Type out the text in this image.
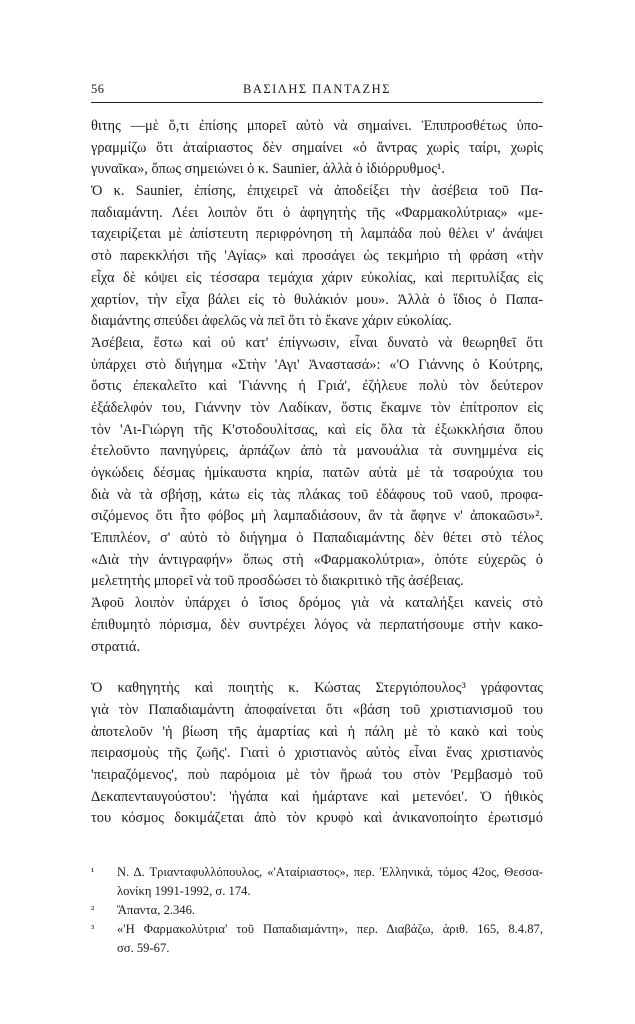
56	ΒΑΣΙΛΗΣ ΠΑΝΤΑΖΗΣ
θιτης —μὲ ὅ,τι ἐπίσης μπορεῖ αὐτὸ νὰ σημαίνει. Ἐπιπροσθέτως ὑπο-
γραμμίζω ὅτι ἀταίριαστος δὲν σημαίνει «ὁ ἄντρας χωρὶς ταίρι, χωρὶς
γυναῖκα», ὅπως σημειώνει ὁ κ. Saunier, ἀλλὰ ὁ ἰδιόρρυθμος¹.
Ὁ κ. Saunier, ἐπίσης, ἐπιχειρεῖ νὰ ἀποδείξει τὴν ἀσέβεια τοῦ Πα-
παδιαμάντη. Λέει λοιπὸν ὅτι ὁ ἀφηγητὴς τῆς «Φαρμακολύτριας» «με-
ταχειρίζεται μὲ ἀπίστευτη περιφρόνηση τὴ λαμπάδα ποὺ θέλει ν' ἀνάψει
στὸ παρεκκλήσι τῆς 'Αγίας» καὶ προσάγει ὡς τεκμήριο τὴ φράση «τὴν
εἶχα δὲ κόψει εἰς τέσσαρα τεμάχια χάριν εὐκολίας, καὶ περιτυλίξας εἰς
χαρτίον, τὴν εἶχα βάλει εἰς τὸ θυλάκιόν μου». Ἀλλὰ ὁ ἴδιος ὁ Παπα-
διαμάντης σπεύδει ἀφελῶς νὰ πεῖ ὅτι τὸ ἔκανε χάριν εὐκολίας.
Ἀσέβεια, ἔστω καὶ οὐ κατ' ἐπίγνωσιν, εἶναι δυνατὸ νὰ θεωρηθεῖ ὅτι
ὑπάρχει στὸ διήγημα «Στὴν 'Αγι' Ἀναστασά»: «'Ο Γιάννης ὁ Κούτρης,
ὅστις ἐπεκαλεῖτο καὶ 'Γιάννης ἡ Γριά', ἐζήλευε πολὺ τὸν δεύτερον
ἐξάδελφόν του, Γιάννην τὸν Λαδίκαν, ὅστις ἔκαμνε τὸν ἐπίτροπον εἰς
τὸν 'Αι-Γιώργη τῆς Κ'στοδουλίτσας, καὶ εἰς ὅλα τὰ ἐξωκκλήσια ὅπου
ἐτελοῦντο πανηγύρεις, ἁρπάζων ἀπὸ τὰ μανουάλια τὰ συνημμένα εἰς
ὀγκώδεις δέσμας ἡμίκαυστα κηρία, πατῶν αὐτὰ μὲ τὰ τσαρούχια του
διὰ νὰ τὰ σβήσῃ, κάτω εἰς τὰς πλάκας τοῦ ἐδάφους τοῦ ναοῦ, προφα-
σιζόμενος ὅτι ἦτο φόβος μὴ λαμπαδιάσουν, ἂν τὰ ἄφηνε ν' ἀποκαῶσι»².
Ἐπιπλέον, σ' αὐτὸ τὸ διήγημα ὁ Παπαδιαμάντης δὲν θέτει στὸ τέλος
«Διὰ τὴν ἀντιγραφήν» ὅπως στὴ «Φαρμακολύτρια», ὁπότε εὐχερῶς ὁ
μελετητὴς μπορεῖ νὰ τοῦ προσδώσει τὸ διακριτικὸ τῆς ἀσέβειας.
Ἀφοῦ λοιπὸν ὑπάρχει ὁ ἴσιος δρόμος γιὰ νὰ καταλήξει κανεὶς στὸ
ἐπιθυμητὸ πόρισμα, δὲν συντρέχει λόγος νὰ περπατήσουμε στὴν κακο-
στρατιά.
Ὁ καθηγητὴς καὶ ποιητὴς κ. Κώστας Στεργιόπουλος³ γράφοντας
γιὰ τὸν Παπαδιαμάντη ἀποφαίνεται ὅτι «βάση τοῦ χριστιανισμοῦ του
ἀποτελοῦν 'ἡ βίωση τῆς ἁμαρτίας καὶ ἡ πάλη μὲ τὸ κακὸ καὶ τοὺς
πειρασμοὺς τῆς ζωῆς'. Γιατὶ ὁ χριστιανὸς αὐτὸς εἶναι ἕνας χριστιανὸς
'πειραζόμενος', ποὺ παρόμοια μὲ τὸν ἥρωά του στὸν 'Ρεμβασμὸ τοῦ
Δεκαπενταυγούστου': 'ἠγάπα καὶ ἡμάρτανε καὶ μετενόει'. Ὁ ἠθικὸς
του κόσμος δοκιμάζεται ἀπὸ τὸν κρυφὸ καὶ ἀνικανοποίητο ἐρωτισμό
¹ Ν. Δ. Τριανταφυλλόπουλος, «'Αταίριαστος», περ. Ἑλληνικά, τόμος 42ος, Θεσσα-
λονίκη 1991-1992, σ. 174.
² Ἅπαντα, 2.346.
³ «'Η Φαρμακολύτρια' τοῦ Παπαδιαμάντη», περ. Διαβάζω, ἀριθ. 165, 8.4.87,
σσ. 59-67.
